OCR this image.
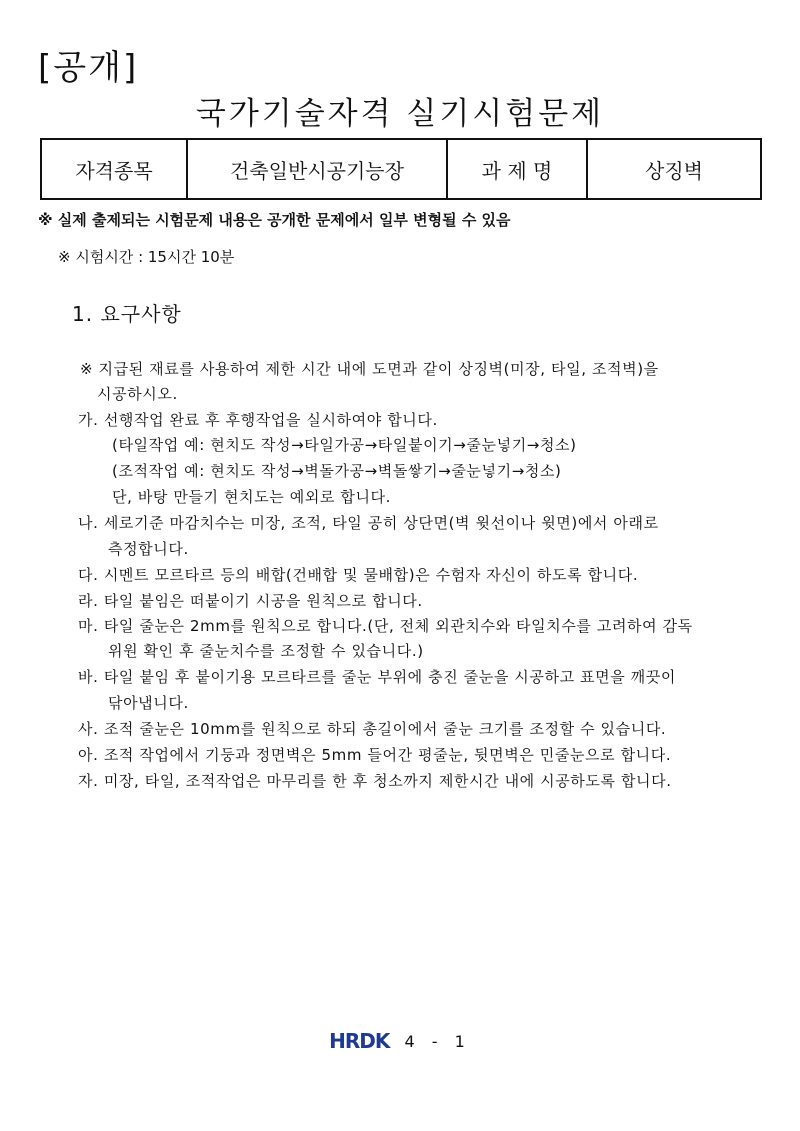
[공개]
국가기술자격 실기시험문제
자격종목	건축일반시공기능장	과 제 명	상징벽
※ 실제 출제되는 시험문제 내용은 공개한 문제에서 일부 변형될 수 있음
※ 시험시간 : 15시간 10분
1. 요구사항
※ 지급된 재료를 사용하여 제한 시간 내에 도면과 같이 상징벽(미장, 타일, 조적벽)을
시공하시오.
가. 선행작업 완료 후 후행작업을 실시하여야 합니다.
(타일작업 예: 현치도 작성→타일가공→타일붙이기→줄눈넣기→청소)
(조적작업 예: 현치도 작성→벽돌가공→벽돌쌓기→줄눈넣기→청소)
단, 바탕 만들기 현치도는 예외로 합니다.
나. 세로기준 마감치수는 미장, 조적, 타일 공히 상단면(벽 윗선이나 윗면)에서 아래로
측정합니다.
다. 시멘트 모르타르 등의 배합(건배합 및 물배합)은 수험자 자신이 하도록 합니다.
라. 타일 붙임은 떠붙이기 시공을 원칙으로 합니다.
마. 타일 줄눈은 2mm를 원칙으로 합니다.(단, 전체 외관치수와 타일치수를 고려하여 감독
위원 확인 후 줄눈치수를 조정할 수 있습니다.)
바. 타일 붙임 후 붙이기용 모르타르를 줄눈 부위에 충진 줄눈을 시공하고 표면을 깨끗이
닦아냅니다.
사. 조적 줄눈은 10mm를 원칙으로 하되 총길이에서 줄눈 크기를 조정할 수 있습니다.
아. 조적 작업에서 기둥과 정면벽은 5mm 들어간 평줄눈, 뒷면벽은 민줄눈으로 합니다.
자. 미장, 타일, 조적작업은 마무리를 한 후 청소까지 제한시간 내에 시공하도록 합니다.
HRDK 4 - 1
